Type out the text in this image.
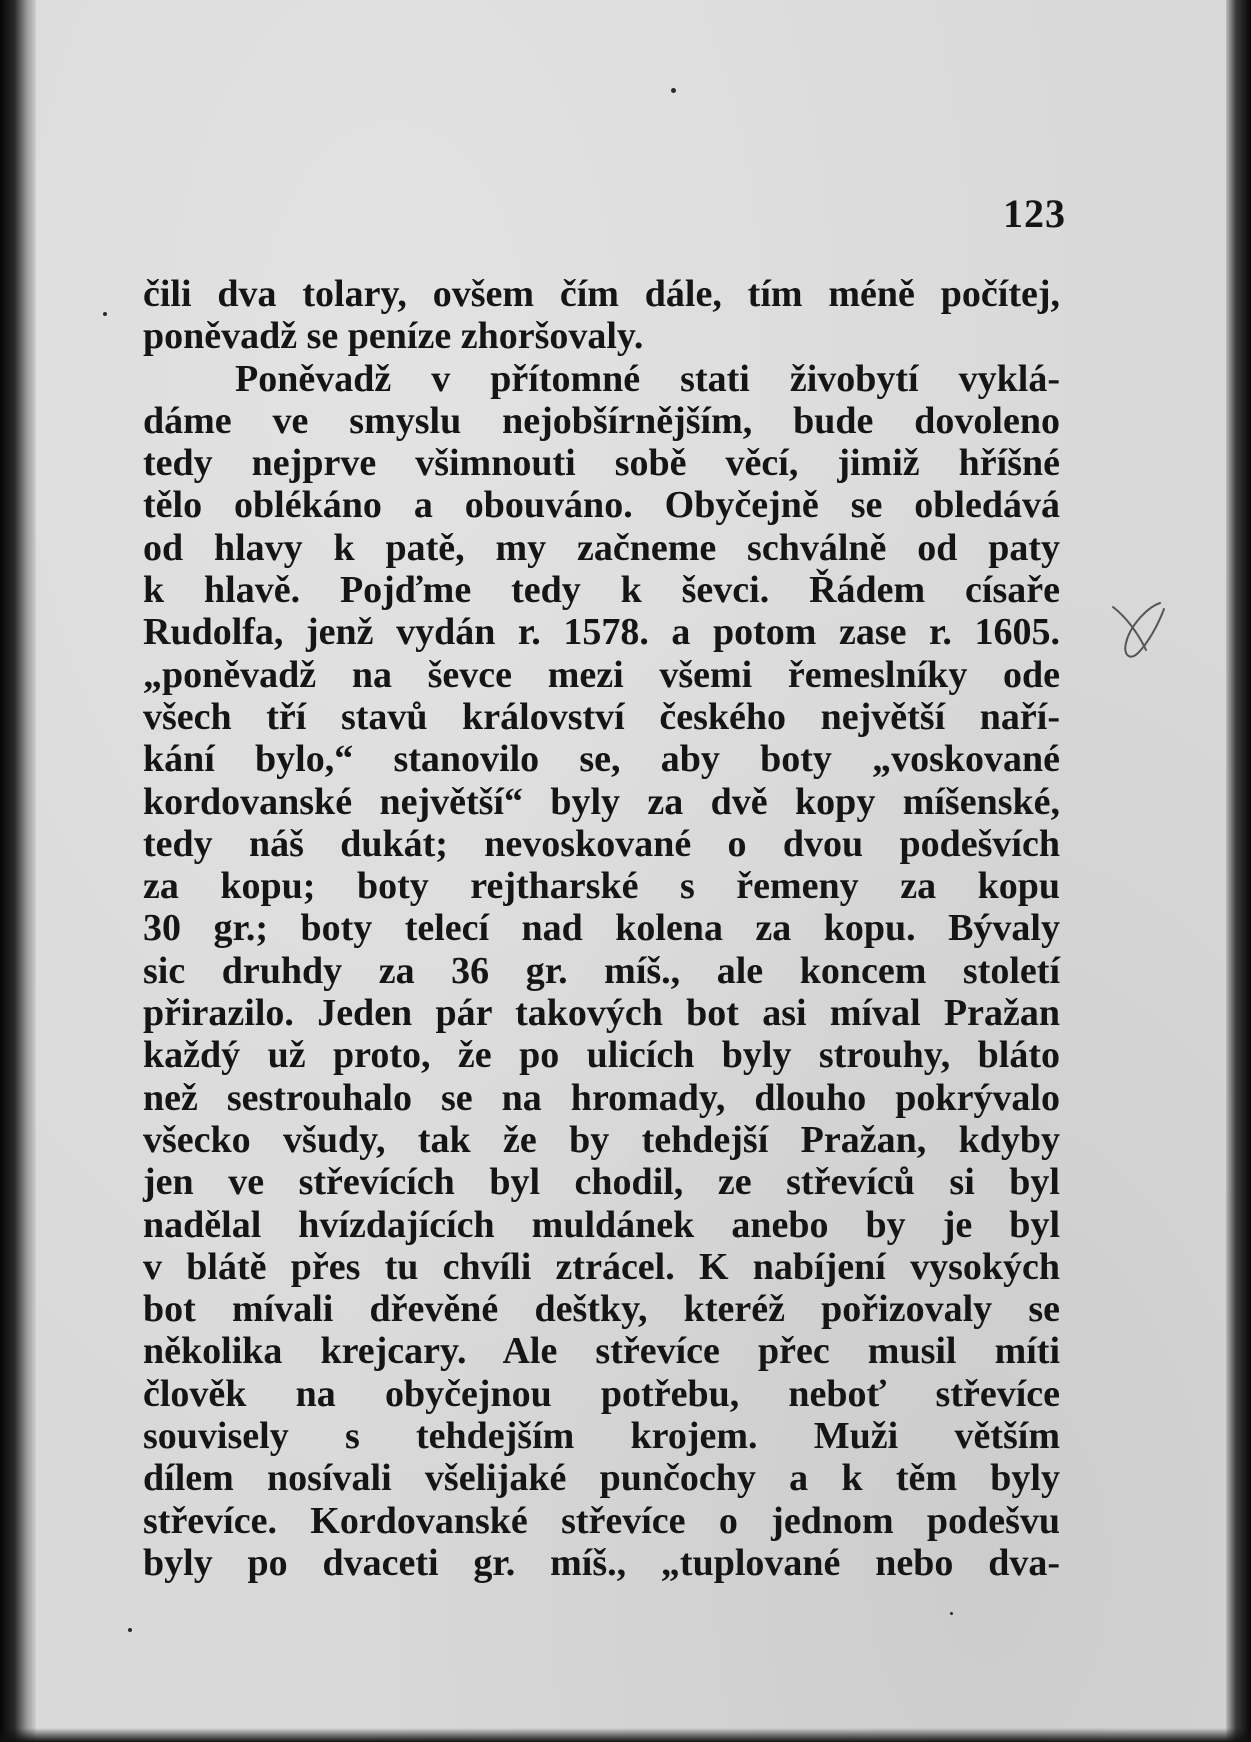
123
čili dva tolary, ovšem čím dále, tím méně počítej,
poněvadž se peníze zhoršovaly.
Poněvadž v přítomné stati živobytí vyklá-
dáme ve smyslu nejobšírnějším, bude dovoleno
tedy nejprve všimnouti sobě věcí, jimiž hříšné
tělo oblékáno a obouváno. Obyčejně se obledává
od hlavy k patě, my začneme schválně od paty
k hlavě. Pojďme tedy k ševci. Řádem císaře
Rudolfa, jenž vydán r. 1578. a potom zase r. 1605.
„poněvadž na ševce mezi všemi řemeslníky ode
všech tří stavů království českého největší naří-
kání bylo,“ stanovilo se, aby boty „voskované
kordovanské největší“ byly za dvě kopy míšenské,
tedy náš dukát; nevoskované o dvou podešvích
za kopu; boty rejtharské s řemeny za kopu
30 gr.; boty telecí nad kolena za kopu. Bývaly
sic druhdy za 36 gr. míš., ale koncem století
přirazilo. Jeden pár takových bot asi míval Pražan
každý už proto, že po ulicích byly strouhy, bláto
než sestrouhalo se na hromady, dlouho pokrývalo
všecko všudy, tak že by tehdejší Pražan, kdyby
jen ve střevících byl chodil, ze střevíců si byl
nadělal hvízdajících muldánek anebo by je byl
v blátě přes tu chvíli ztrácel. K nabíjení vysokých
bot mívali dřevěné deštky, kteréž pořizovaly se
několika krejcary. Ale střevíce přec musil míti
člověk na obyčejnou potřebu, neboť střevíce
souvisely s tehdejším krojem. Muži větším
dílem nosívali všelijaké punčochy a k těm byly
střevíce. Kordovanské střevíce o jednom podešvu
byly po dvaceti gr. míš., „tuplované nebo dva-
